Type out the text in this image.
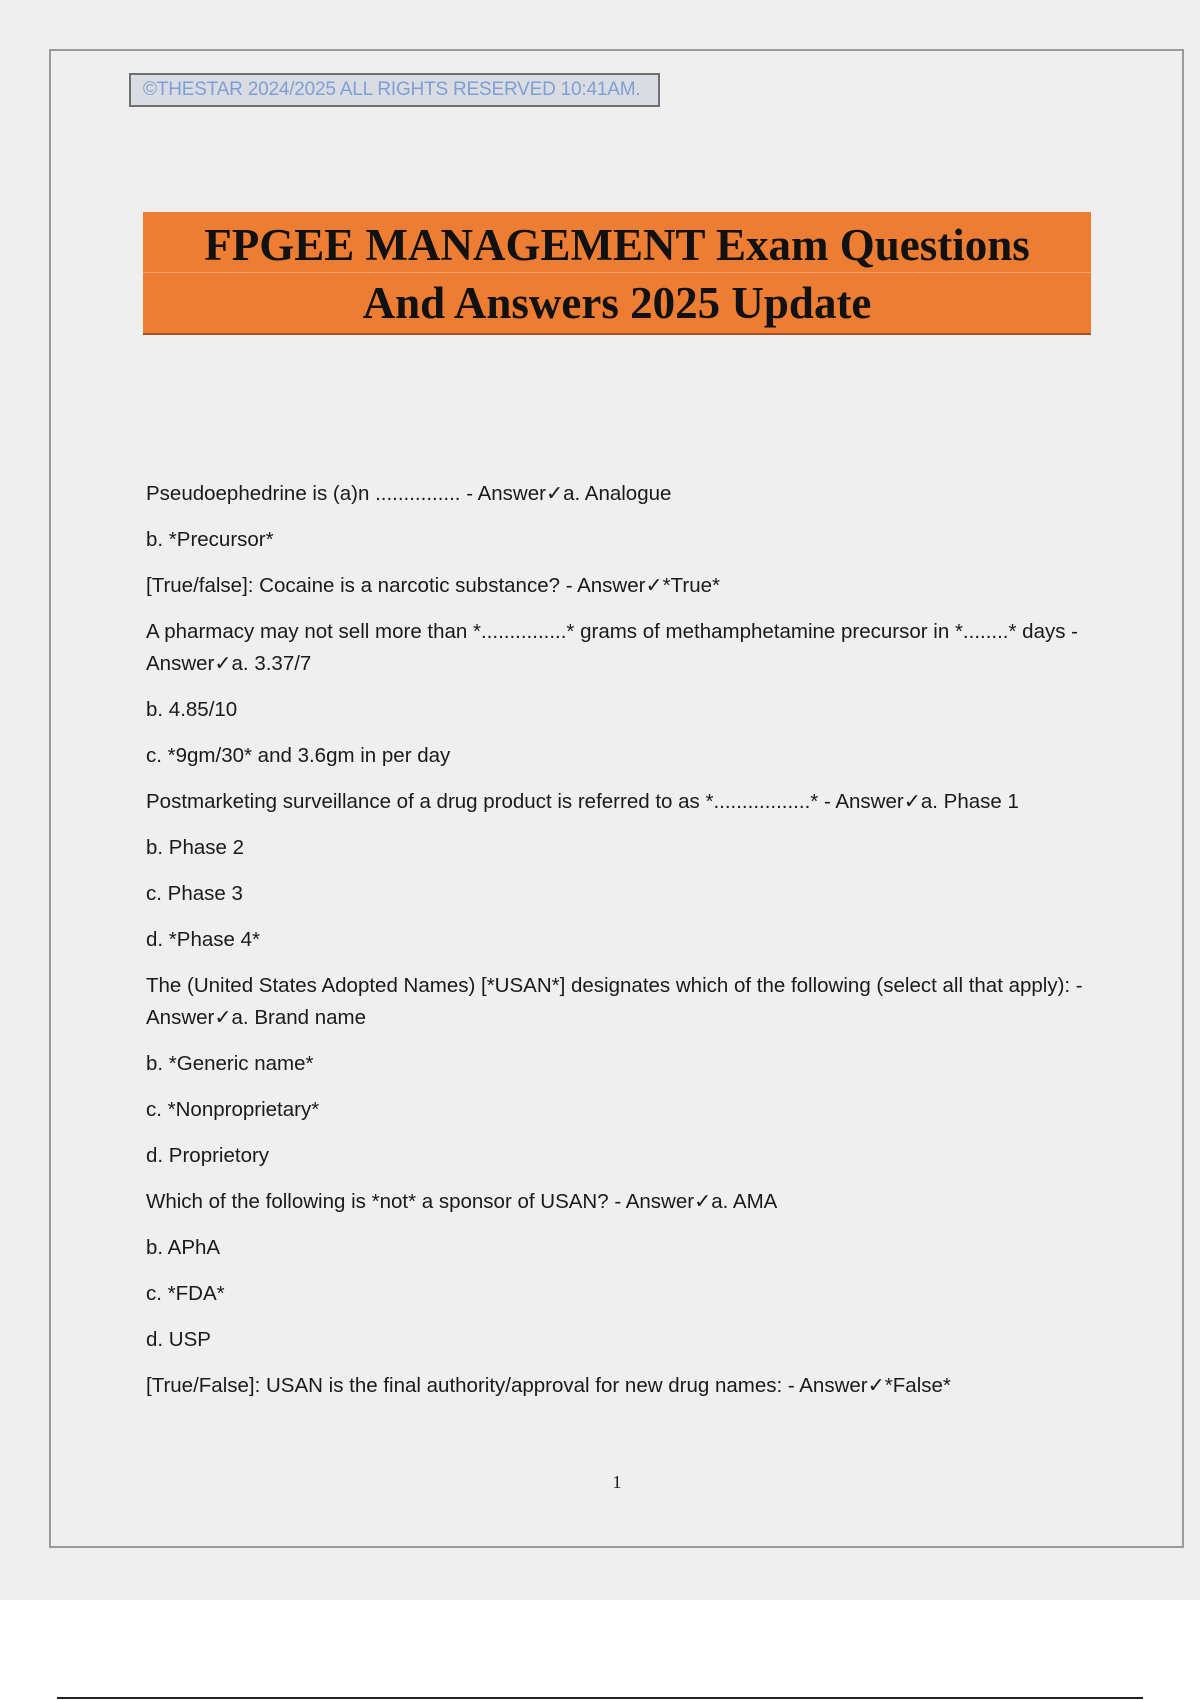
©THESTAR 2024/2025 ALL RIGHTS RESERVED 10:41AM.
FPGEE MANAGEMENT Exam Questions
And Answers 2025 Update

Pseudoephedrine is (a)n ............... - Answer✓a. Analogue

b. *Precursor*

[True/false]: Cocaine is a narcotic substance? - Answer✓*True*

A pharmacy may not sell more than *...............* grams of methamphetamine precursor in *........* days - Answer✓a. 3.37/7

b. 4.85/10

c. *9gm/30* and 3.6gm in per day

Postmarketing surveillance of a drug product is referred to as *.................* - Answer✓a. Phase 1

b. Phase 2

c. Phase 3

d. *Phase 4*

The (United States Adopted Names) [*USAN*] designates which of the following (select all that apply): - Answer✓a. Brand name

b. *Generic name*

c. *Nonproprietary*

d. Proprietory

Which of the following is *not* a sponsor of USAN? - Answer✓a. AMA

b. APhA

c. *FDA*

d. USP

[True/False]: USAN is the final authority/approval for new drug names: - Answer✓*False*

1
